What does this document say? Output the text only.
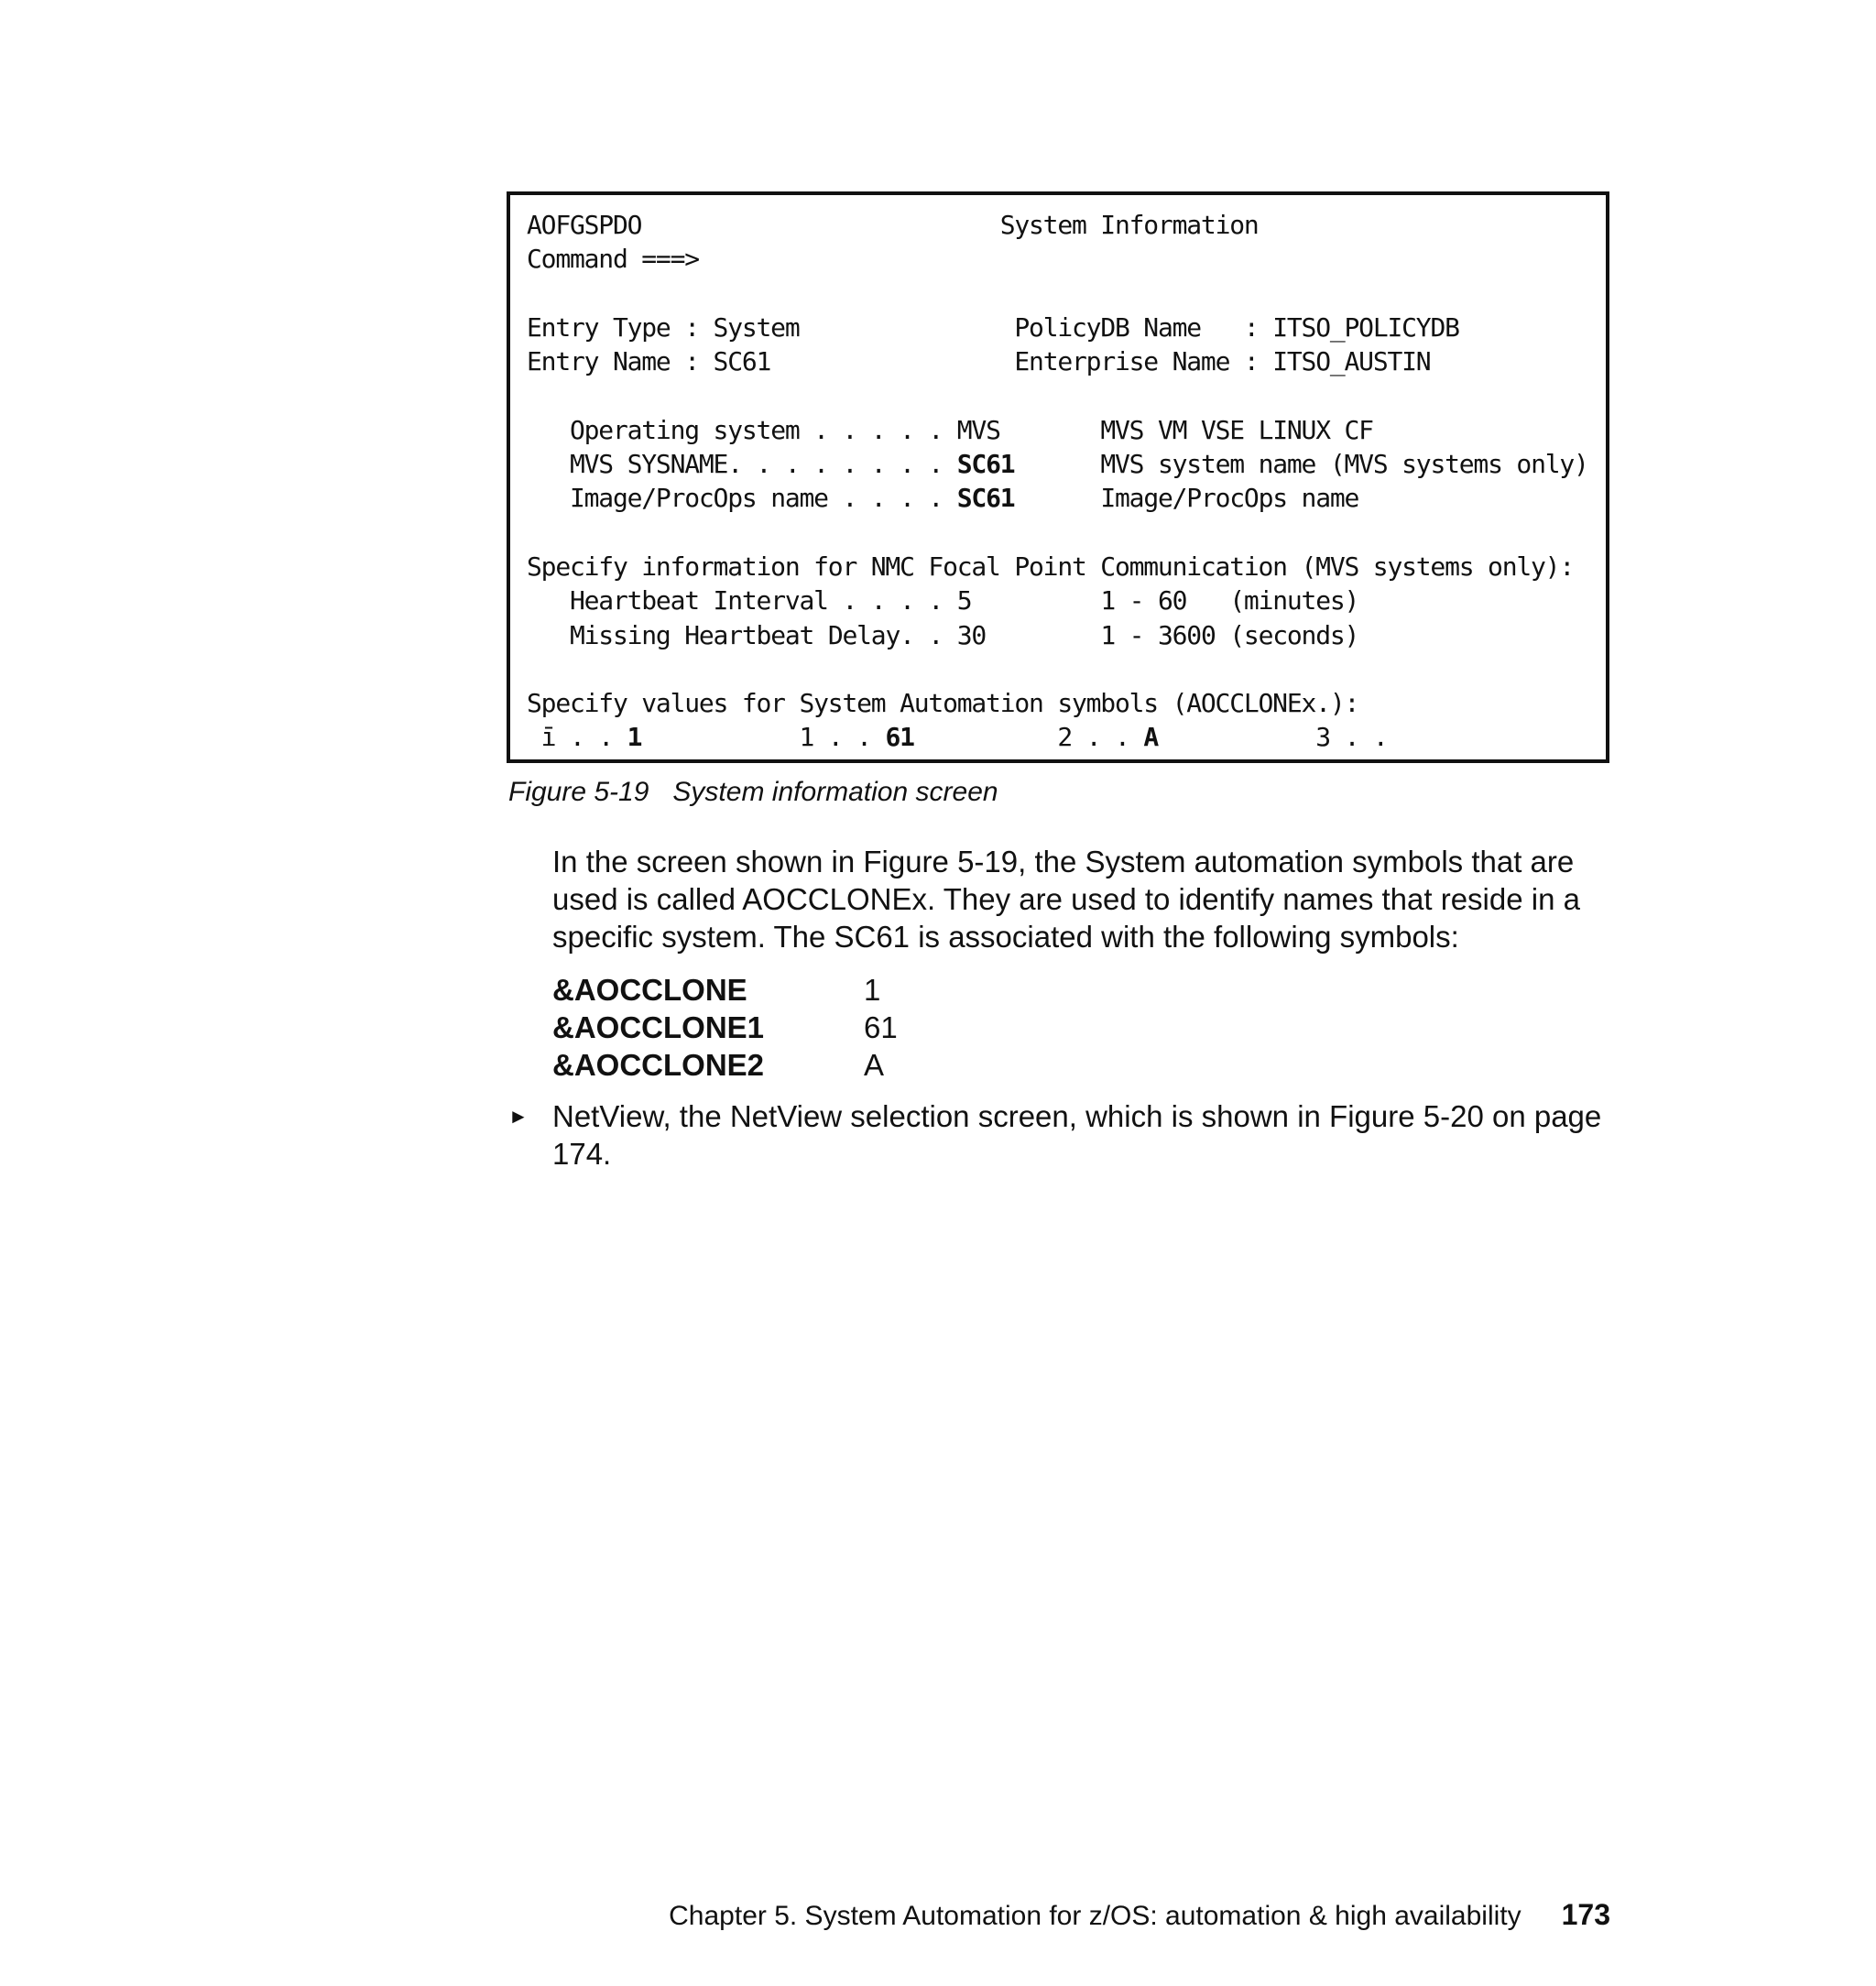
AOFGSPDO	System Information
Command ===>

Entry Type : System	PolicyDB Name   : ITSO_POLICYDB
Entry Name : SC61	Enterprise Name : ITSO_AUSTIN

Operating system . . . . . MVS	MVS VM VSE LINUX CF
MVS SYSNAME. . . . . . . . SC61	MVS system name (MVS systems only)
Image/ProcOps name . . . . SC61	Image/ProcOps name

Specify information for NMC Focal Point Communication (MVS systems only):
Heartbeat Interval . . . . 5	1 - 60   (minutes)
Missing Heartbeat Delay. . 30	1 - 3600 (seconds)

Specify values for System Automation symbols (AOCCLONEx.):
ī . . 1	1 . . 61	2 . . A	3 . .
Figure 5-19 System information screen
In the screen shown in Figure 5-19, the System automation symbols that are used is called AOCCLONEx. They are used to identify names that reside in a specific system. The SC61 is associated with the following symbols:
&AOCCLONE	1
&AOCCLONE1	61
&AOCCLONE2	A
► NetView, the NetView selection screen, which is shown in Figure 5-20 on page 174.
Chapter 5. System Automation for z/OS: automation & high availability 173
